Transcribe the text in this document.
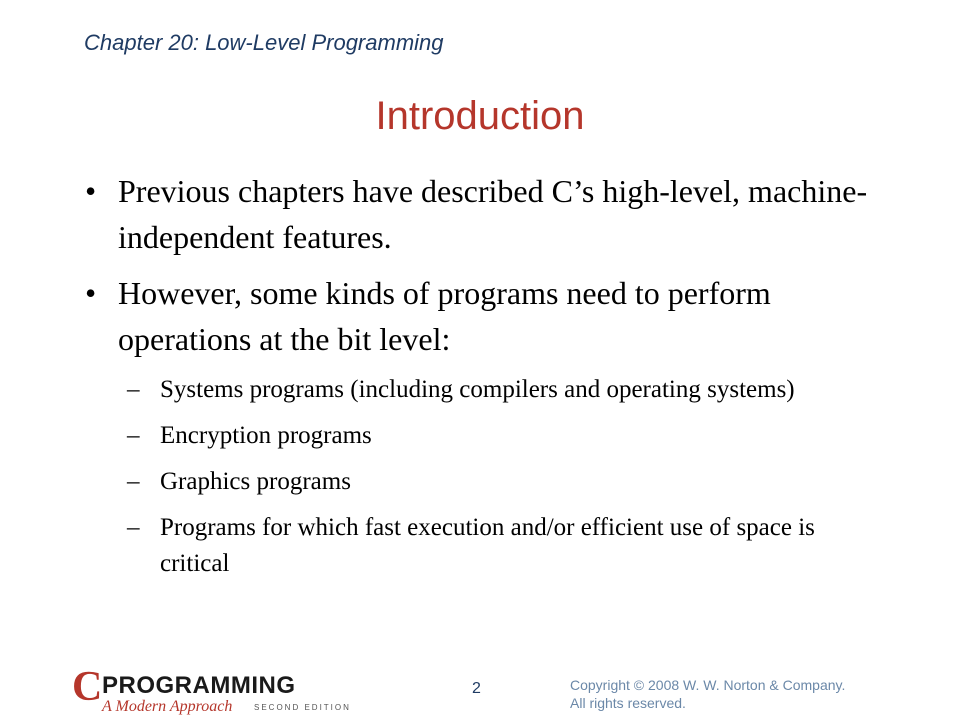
Chapter 20: Low-Level Programming
Introduction
• Previous chapters have described C’s high-level, machine-independent features.
• However, some kinds of programs need to perform operations at the bit level:
– Systems programs (including compilers and operating systems)
– Encryption programs
– Graphics programs
– Programs for which fast execution and/or efficient use of space is critical
C PROGRAMMING
A Modern Approach	SECOND EDITION
2	Copyright © 2008 W. W. Norton & Company.
All rights reserved.
